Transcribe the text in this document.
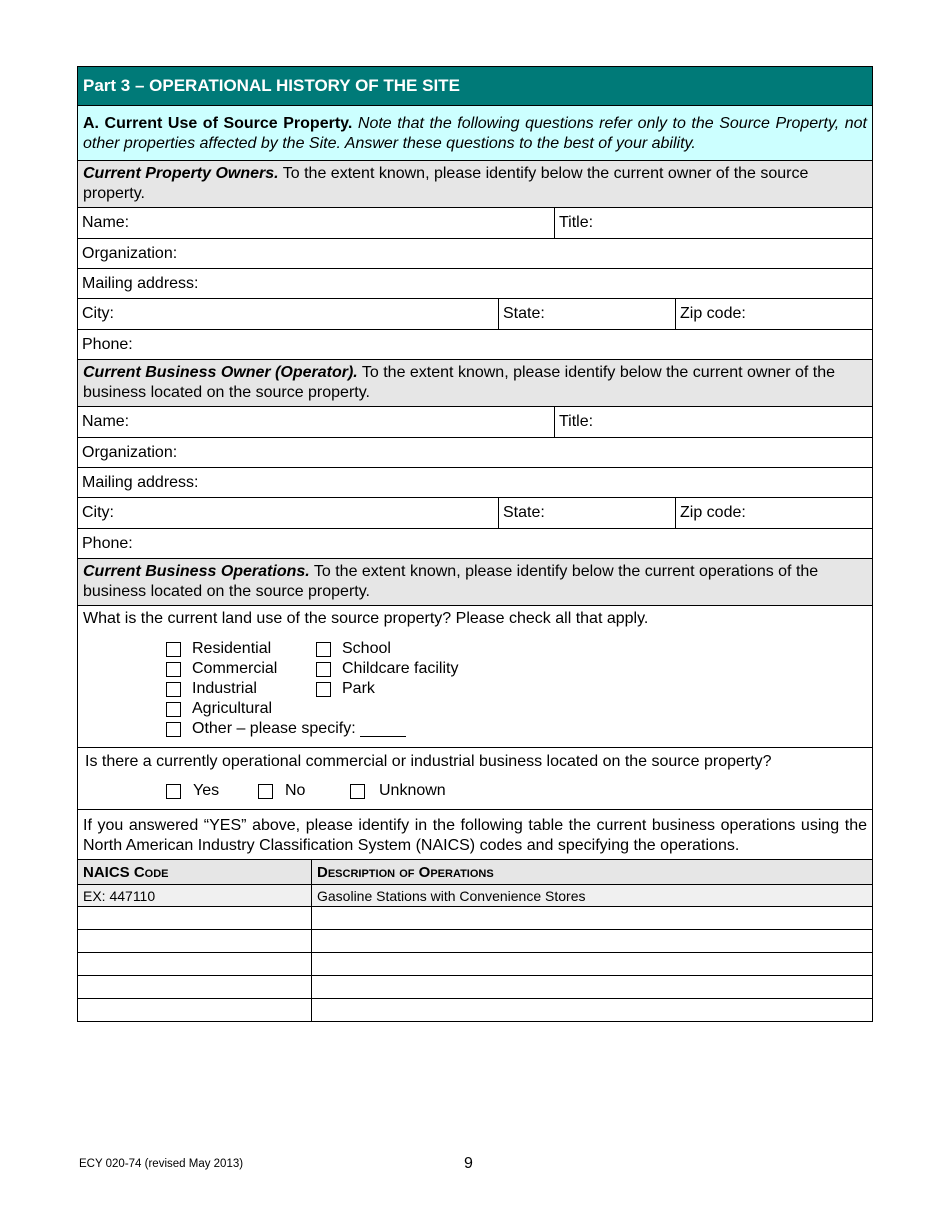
Part 3 – OPERATIONAL HISTORY OF THE SITE
A. Current Use of Source Property. Note that the following questions refer only to the Source Property, not other properties affected by the Site. Answer these questions to the best of your ability.
Current Property Owners. To the extent known, please identify below the current owner of the source property.
Name:	Title:
Organization:
Mailing address:
City:	State:	Zip code:
Phone:
Current Business Owner (Operator). To the extent known, please identify below the current owner of the business located on the source property.
Name:	Title:
Organization:
Mailing address:
City:	State:	Zip code:
Phone:
Current Business Operations. To the extent known, please identify below the current operations of the business located on the source property.
What is the current land use of the source property? Please check all that apply.
Residential
Commercial
Industrial
Agricultural
School
Childcare facility
Park
Other – please specify:
Is there a currently operational commercial or industrial business located on the source property?
Yes	No	Unknown
If you answered “YES” above, please identify in the following table the current business operations using the North American Industry Classification System (NAICS) codes and specifying the operations.
NAICS Code	Description of Operations
EX: 447110	Gasoline Stations with Convenience Stores
ECY 020-74 (revised May 2013)	9
